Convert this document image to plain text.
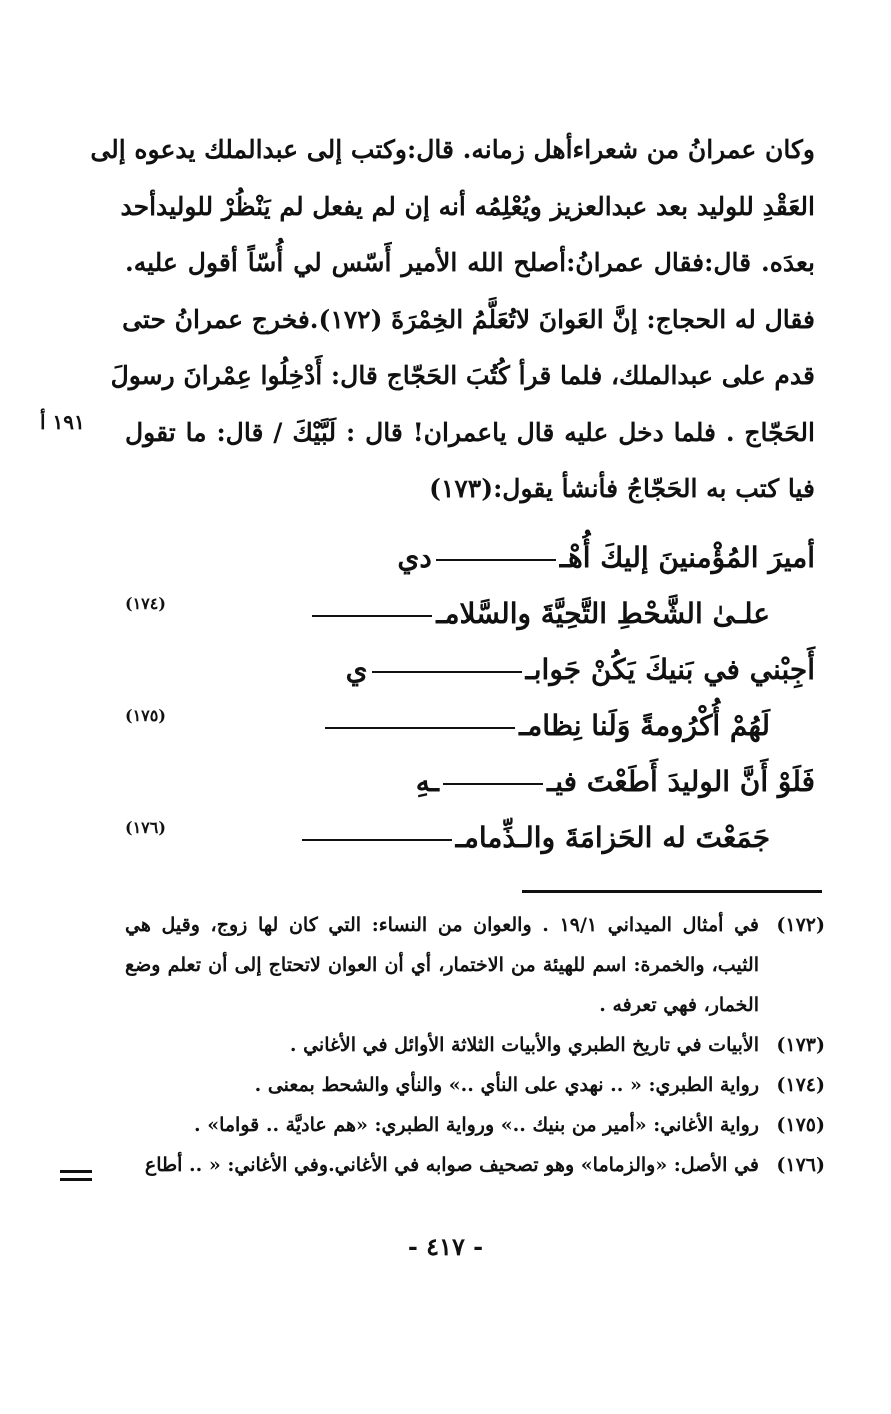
وكان عمرانُ من شعراءأهل زمانه. قال:وكتب إلى عبدالملك يدعوه إلى
العَقْدِ للوليد بعد عبدالعزيز ويُعْلِمُه أنه إن لم يفعل لم يَنْظُرْ للوليدأحد
بعدَه. قال:فقال عمرانُ:أصلح الله الأمير أَسّس لي أُسّاً أقول عليه.
فقال له الحجاج: إنَّ العَوانَ لاتُعَلَّمُ الخِمْرَةَ (١٧٢).فخرج عمرانُ حتى
قدم على عبدالملك، فلما قرأ كُتُبَ الحَجّاج قال: أَدْخِلُوا عِمْرانَ رسولَ
الحَجّاج . فلما دخل عليه قال ياعمران! قال : لَبَّيْكَ / قال: ما تقول
فيا كتب به الحَجّاجُ فأنشأ يقول:(١٧٣)
١٩١ أ
أميرَ المُؤْمنينَ إليكَ أُهْـدي
علـىٰ الشَّحْطِ التَّحِيَّةَ والسَّلامـ
(١٧٤)
أَجِبْني في بَنيكَ يَكُنْ جَوابـي
لَهُمْ أُكْرُومةً وَلَنا نِظامـ
(١٧٥)
فَلَوْ أَنَّ الوليدَ أَطَعْتَ فيــهِ
جَمَعْتَ له الحَزامَةَ والـذِّمامـ
(١٧٦)
(١٧٢)
في أمثال الميداني ١٩/١ . والعوان من النساء: التي كان لها زوج، وقيل هي الثيب، والخمرة: اسم للهيئة من الاختمار، أي أن العوان لاتحتاج إلى أن تعلم وضع الخمار، فهي تعرفه .
(١٧٣)
الأبيات في تاريخ الطبري والأبيات الثلاثة الأوائل في الأغاني .
(١٧٤)
رواية الطبري: « .. نهدي على النأي ..» والنأي والشحط بمعنى .
(١٧٥)
رواية الأغاني: «أمير من بنيك ..» ورواية الطبري: «هم عاديَّة .. قواما» .
(١٧٦)
في الأصل: «والزماما» وهو تصحيف صوابه في الأغاني.وفي الأغاني: « .. أطاع
- ٤١٧ -
